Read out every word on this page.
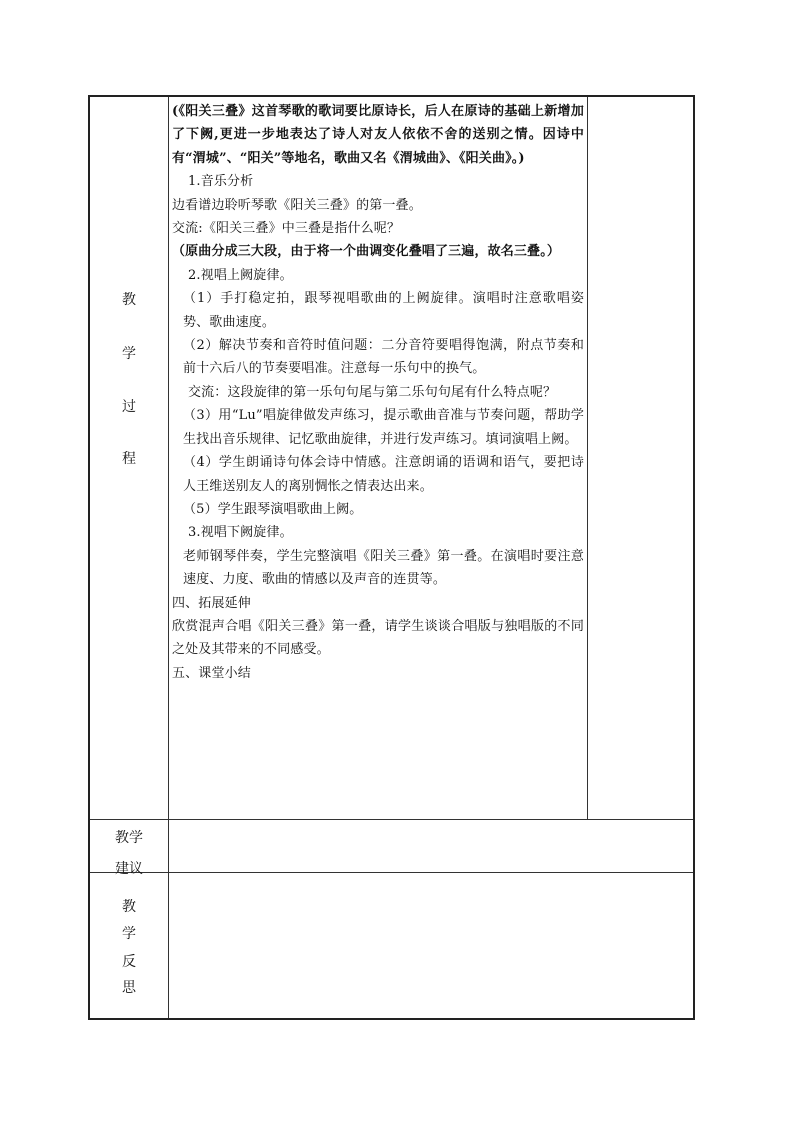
教
学
过
程

(《阳关三叠》这首琴歌的歌词要比原诗长，后人在原诗的基础上新增加了下阙,更进一步地表达了诗人对友人依依不舍的送别之情。因诗中有“渭城”、“阳关”等地名，歌曲又名《渭城曲》、《阳关曲》。)

1.音乐分析

边看谱边聆听琴歌《阳关三叠》的第一叠。

交流:《阳关三叠》中三叠是指什么呢？

（原曲分成三大段，由于将一个曲调变化叠唱了三遍，故名三叠。）

2.视唱上阙旋律。

（1）手打稳定拍，跟琴视唱歌曲的上阙旋律。演唱时注意歌唱姿势、歌曲速度。

（2）解决节奏和音符时值问题：二分音符要唱得饱满，附点节奏和前十六后八的节奏要唱准。注意每一乐句中的换气。

交流：这段旋律的第一乐句句尾与第二乐句句尾有什么特点呢？

（3）用“Lu”唱旋律做发声练习，提示歌曲音准与节奏问题，帮助学生找出音乐规律、记忆歌曲旋律，并进行发声练习。填词演唱上阙。

（4）学生朗诵诗句体会诗中情感。注意朗诵的语调和语气，要把诗人王维送别友人的离别惆怅之情表达出来。

（5）学生跟琴演唱歌曲上阙。

3.视唱下阙旋律。

老师钢琴伴奏，学生完整演唱《阳关三叠》第一叠。在演唱时要注意速度、力度、歌曲的情感以及声音的连贯等。

四、拓展延伸

欣赏混声合唱《阳关三叠》第一叠，请学生谈谈合唱版与独唱版的不同之处及其带来的不同感受。

五、课堂小结

教学
建议
教
学
反
思
